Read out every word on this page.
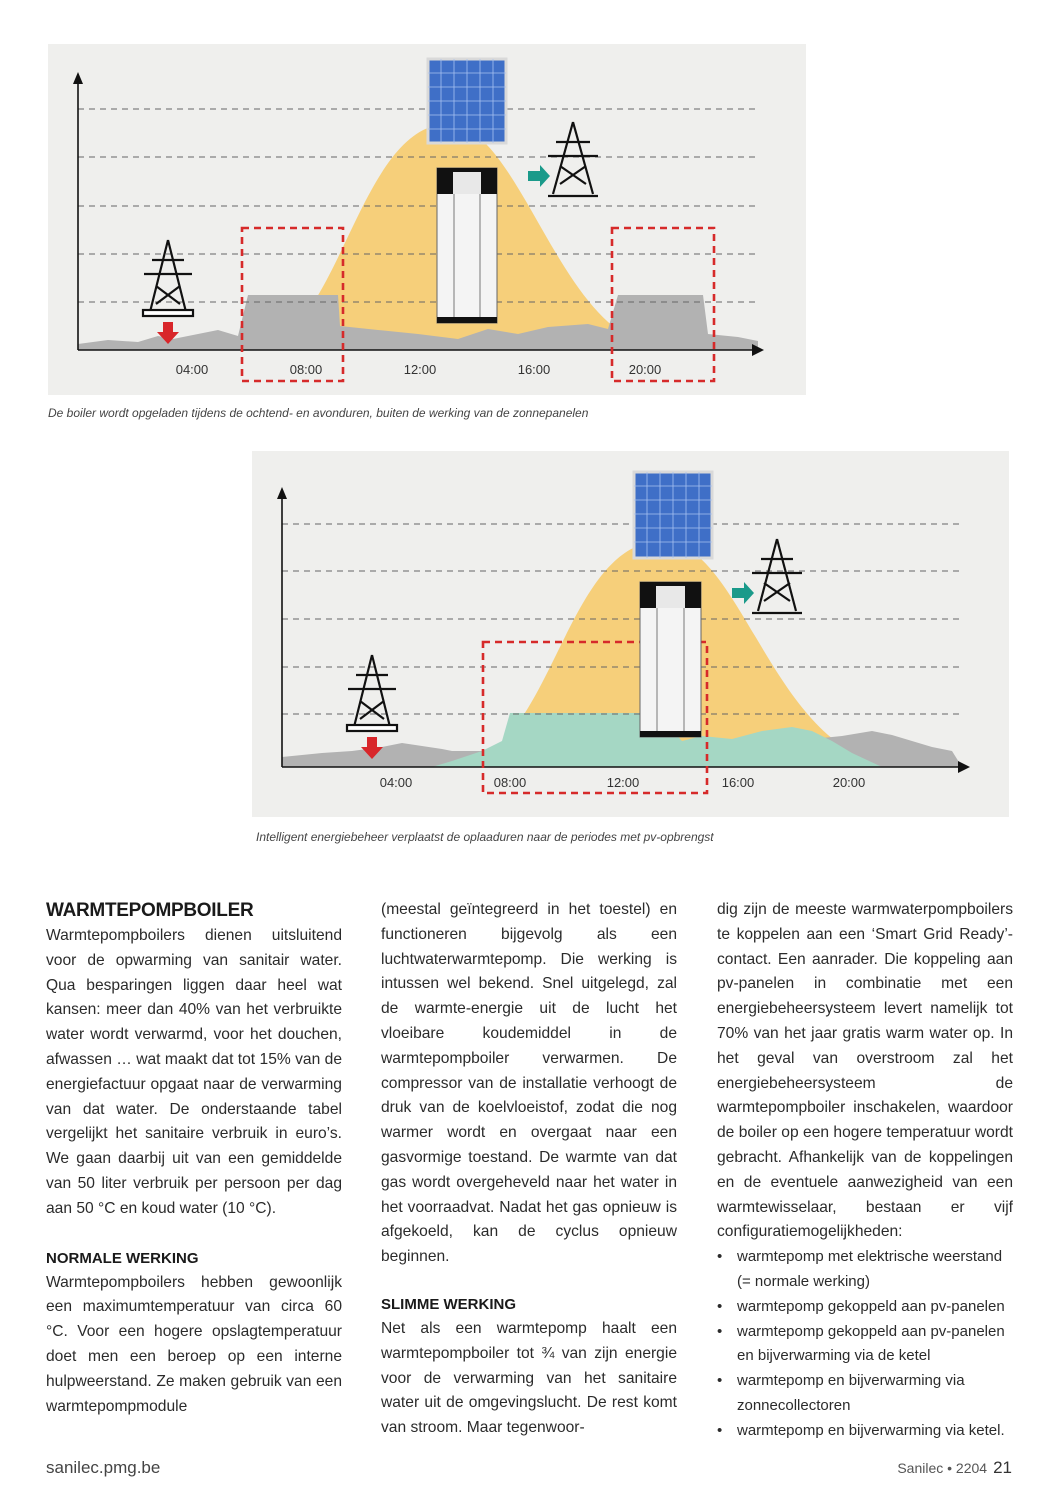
04:00	08:00	12:00	16:00	20:00
De boiler wordt opgeladen tijdens de ochtend- en avonduren, buiten de werking van de zonnepanelen
04:00	08:00	12:00	16:00	20:00
Intelligent energiebeheer verplaatst de oplaaduren naar de periodes met pv-opbrengst
WARMTEPOMPBOILER

Warmtepompboilers dienen uitsluitend voor de opwarming van sanitair water. Qua besparingen liggen daar heel wat kansen: meer dan 40% van het verbruikte water wordt verwarmd, voor het douchen, afwassen … wat maakt dat tot 15% van de energiefactuur opgaat naar de verwarming van dat water. De onderstaande tabel vergelijkt het sanitaire verbruik in euro’s. We gaan daarbij uit van een gemiddelde van 50 liter verbruik per persoon per dag aan 50 °C en koud water (10 °C).

NORMALE WERKING

Warmtepompboilers hebben gewoonlijk een maximumtemperatuur van circa 60 °C. Voor een hogere opslagtemperatuur doet men een beroep op een interne hulpweerstand. Ze maken gebruik van een warmtepompmodule

(meestal geïntegreerd in het toestel) en functioneren bijgevolg als een luchtwaterwarmtepomp. Die werking is intussen wel bekend. Snel uitgelegd, zal de warmte-energie uit de lucht het vloeibare koudemiddel in de warmtepompboiler verwarmen. De compressor van de installatie verhoogt de druk van de koelvloeistof, zodat die nog warmer wordt en overgaat naar een gasvormige toestand. De warmte van dat gas wordt overgeheveld naar het water in het voorraadvat. Nadat het gas opnieuw is afgekoeld, kan de cyclus opnieuw beginnen.

SLIMME WERKING

Net als een warmtepomp haalt een warmtepompboiler tot ¾ van zijn energie voor de verwarming van het sanitaire water uit de omgevingslucht. De rest komt van stroom. Maar tegenwoor-

dig zijn de meeste warmwaterpompboilers te koppelen aan een ‘Smart Grid Ready’-contact. Een aanrader. Die koppeling aan pv-panelen in combinatie met een energiebeheersysteem levert namelijk tot 70% van het jaar gratis warm water op. In het geval van overstroom zal het energiebeheersysteem de warmtepompboiler inschakelen, waardoor de boiler op een hogere temperatuur wordt gebracht. Afhankelijk van de koppelingen en de eventuele aanwezigheid van een warmtewisselaar, bestaan er vijf configuratiemogelijkheden:

• warmtepomp met elektrische weerstand (= normale werking)
• warmtepomp gekoppeld aan pv-panelen
• warmtepomp gekoppeld aan pv-panelen en bijverwarming via de ketel
• warmtepomp en bijverwarming via zonnecollectoren
• warmtepomp en bijverwarming via ketel.
sanilec.pmg.be	Sanilec • 2204 21
